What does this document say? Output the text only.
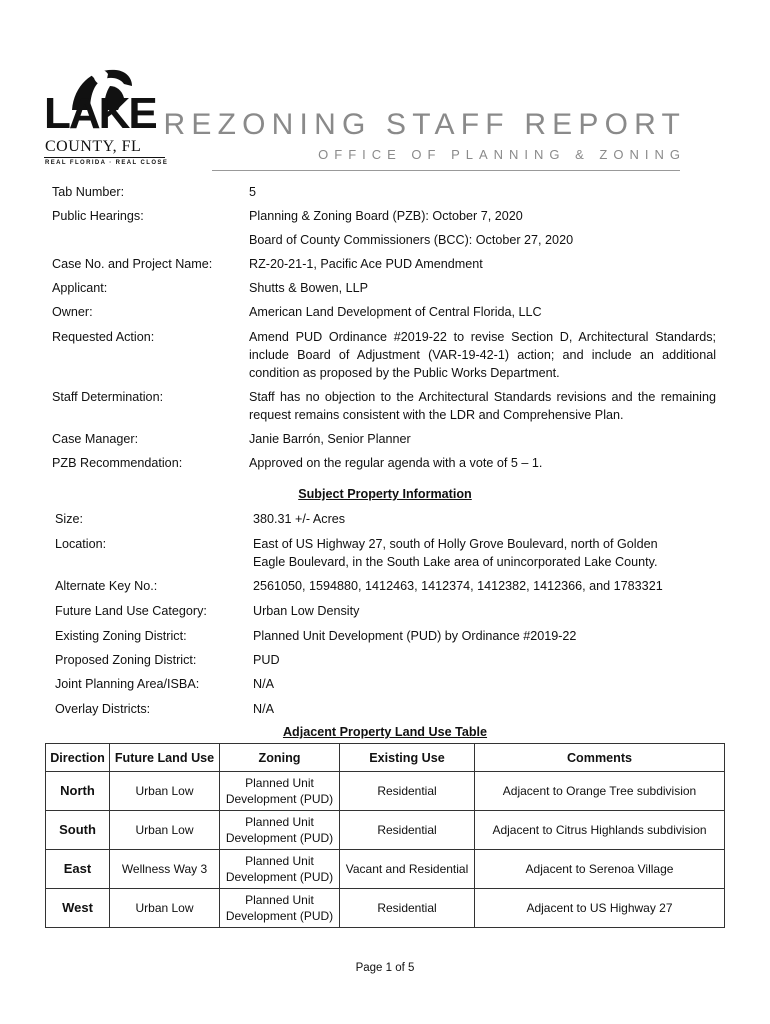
LAKE
COUNTY, FL
REAL FLORIDA · REAL CLOSE
REZONING STAFF REPORT
OFFICE OF PLANNING & ZONING
Tab Number:	5
Public Hearings:	Planning & Zoning Board (PZB): October 7, 2020
Board of County Commissioners (BCC): October 27, 2020
Case No. and Project Name:	RZ-20-21-1, Pacific Ace PUD Amendment
Applicant:	Shutts & Bowen, LLP
Owner:	American Land Development of Central Florida, LLC
Requested Action:	Amend PUD Ordinance #2019-22 to revise Section D, Architectural Standards; include Board of Adjustment (VAR-19-42-1) action; and include an additional condition as proposed by the Public Works Department.
Staff Determination:	Staff has no objection to the Architectural Standards revisions and the remaining request remains consistent with the LDR and Comprehensive Plan.
Case Manager:	Janie Barrón, Senior Planner
PZB Recommendation:	Approved on the regular agenda with a vote of 5 – 1.
Subject Property Information
Size:	380.31 +/- Acres
Location:	East of US Highway 27, south of Holly Grove Boulevard, north of Golden Eagle Boulevard, in the South Lake area of unincorporated Lake County.
Alternate Key No.:	2561050, 1594880, 1412463, 1412374, 1412382, 1412366, and 1783321
Future Land Use Category:	Urban Low Density
Existing Zoning District:	Planned Unit Development (PUD) by Ordinance #2019-22
Proposed Zoning District:	PUD
Joint Planning Area/ISBA:	N/A
Overlay Districts:	N/A
Adjacent Property Land Use Table
Direction	Future Land Use	Zoning	Existing Use	Comments
North	Urban Low	Planned Unit Development (PUD)	Residential	Adjacent to Orange Tree subdivision
South	Urban Low	Planned Unit Development (PUD)	Residential	Adjacent to Citrus Highlands subdivision
East	Wellness Way 3	Planned Unit Development (PUD)	Vacant and Residential	Adjacent to Serenoa Village
West	Urban Low	Planned Unit Development (PUD)	Residential	Adjacent to US Highway 27
Page 1 of 5
